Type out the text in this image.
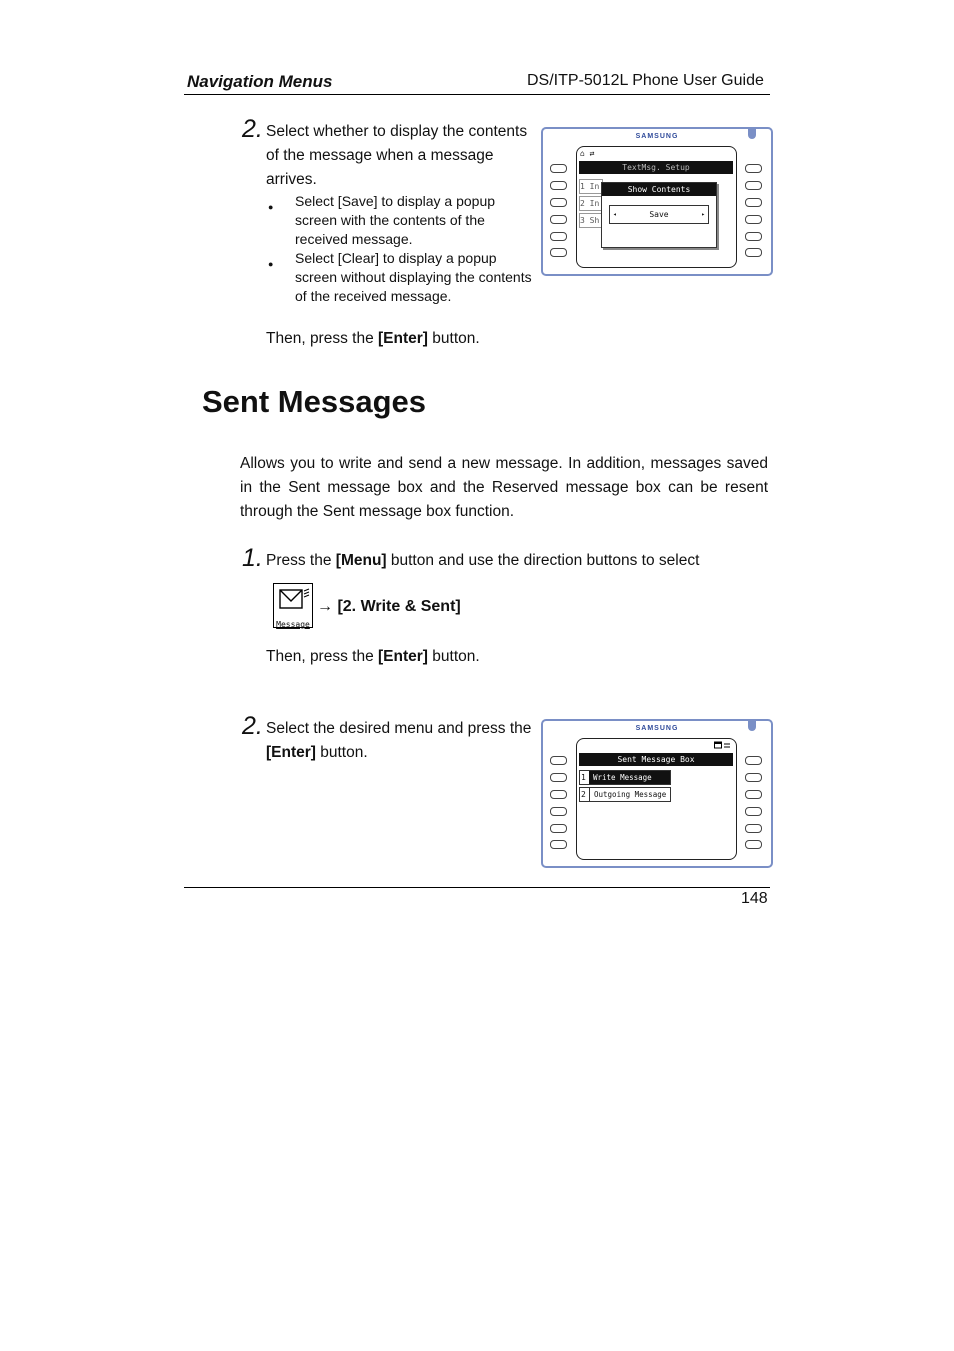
Navigation Menus	DS/ITP-5012L Phone User Guide
2. Select whether to display the contents
of the message when a message
arrives.
● Select [Save] to display a popup
screen with the contents of the
received message.
● Select [Clear] to display a popup
screen without displaying the contents
of the received message.
Then, press the [Enter] button.
SAMSUNG
⌂ ⇄
TextMsg. Setup
1 In
2 In
3 Sh
Show Contents
◂	Save	▸
Sent Messages
Allows you to write and send a new message. In addition, messages saved in the Sent message box and the Reserved message box can be resent through the Sent message box function.
1. Press the [Menu] button and use the direction buttons to select
Message
→ [2. Write & Sent]
Then, press the [Enter] button.
2. Select the desired menu and press the
[Enter] button.
SAMSUNG
Sent Message Box
1 Write Message
2	Outgoing Message
148
